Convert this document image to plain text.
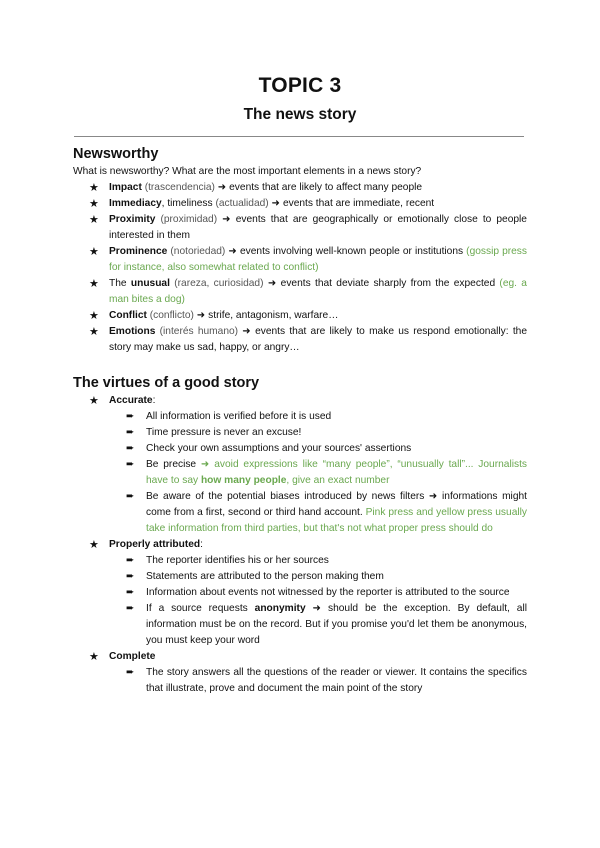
TOPIC 3
The news story
Newsworthy
What is newsworthy? What are the most important elements in a news story?
★ Impact (trascendencia) ➜ events that are likely to affect many people
★ Immediacy, timeliness (actualidad) ➜ events that are immediate, recent
★ Proximity (proximidad) ➜ events that are geographically or emotionally close to people interested in them
★ Prominence (notoriedad) ➜ events involving well-known people or institutions (gossip press for instance, also somewhat related to conflict)
★ The unusual (rareza, curiosidad) ➜ events that deviate sharply from the expected (eg. a man bites a dog)
★ Conflict (conflicto) ➜ strife, antagonism, warfare…
★ Emotions (interés humano) ➜ events that are likely to make us respond emotionally: the story may make us sad, happy, or angry…
The virtues of a good story
★ Accurate:
➨ All information is verified before it is used
➨ Time pressure is never an excuse!
➨ Check your own assumptions and your sources' assertions
➨ Be precise ➜ avoid expressions like “many people”, “unusually tall”... Journalists have to say how many people, give an exact number
➨ Be aware of the potential biases introduced by news filters ➜ informations might come from a first, second or third hand account. Pink press and yellow press usually take information from third parties, but that's not what proper press should do
★ Properly attributed:
➨ The reporter identifies his or her sources
➨ Statements are attributed to the person making them
➨ Information about events not witnessed by the reporter is attributed to the source
➨ If a source requests anonymity ➜ should be the exception. By default, all information must be on the record. But if you promise you'd let them be anonymous, you must keep your word
★ Complete
➨ The story answers all the questions of the reader or viewer. It contains the specifics that illustrate, prove and document the main point of the story
